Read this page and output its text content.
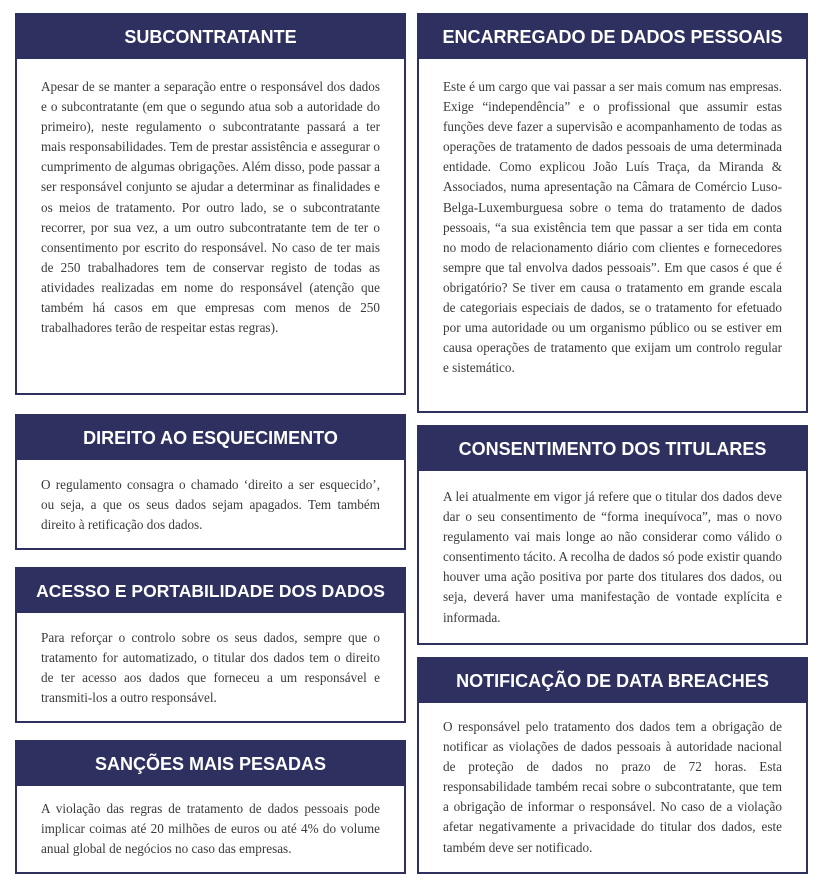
SUBCONTRATANTE
Apesar de se manter a separação entre o responsável dos dados e o subcontratante (em que o segundo atua sob a autoridade do primeiro), neste regulamento o subcontratante passará a ter mais responsabilidades. Tem de prestar assistência e assegurar o cumprimento de algumas obrigações. Além disso, pode passar a ser responsável conjunto se ajudar a determinar as finalidades e os meios de tratamento. Por outro lado, se o subcontratante recorrer, por sua vez, a um outro subcontratante tem de ter o consentimento por escrito do responsável. No caso de ter mais de 250 trabalhadores tem de conservar registo de todas as atividades realizadas em nome do responsável (atenção que também há casos em que empresas com menos de 250 trabalhadores terão de respeitar estas regras).
DIREITO AO ESQUECIMENTO
O regulamento consagra o chamado ‘direito a ser esquecido’, ou seja, a que os seus dados sejam apagados. Tem também direito à retificação dos dados.
ACESSO E PORTABILIDADE DOS DADOS
Para reforçar o controlo sobre os seus dados, sempre que o tratamento for automatizado, o titular dos dados tem o direito de ter acesso aos dados que forneceu a um responsável e transmiti-los a outro responsável.
SANÇÕES MAIS PESADAS
A violação das regras de tratamento de dados pessoais pode implicar coimas até 20 milhões de euros ou até 4% do volume anual global de negócios no caso das empresas.
ENCARREGADO DE DADOS PESSOAIS
Este é um cargo que vai passar a ser mais comum nas empresas. Exige “independência” e o profissional que assumir estas funções deve fazer a supervisão e acompanhamento de todas as operações de tratamento de dados pessoais de uma determinada entidade. Como explicou João Luís Traça, da Miranda & Associados, numa apresentação na Câmara de Comércio Luso-Belga-Luxemburguesa sobre o tema do tratamento de dados pessoais, “a sua existência tem que passar a ser tida em conta no modo de relacionamento diário com clientes e fornecedores sempre que tal envolva dados pessoais”. Em que casos é que é obrigatório? Se tiver em causa o tratamento em grande escala de categoriais especiais de dados, se o tratamento for efetuado por uma autoridade ou um organismo público ou se estiver em causa operações de tratamento que exijam um controlo regular e sistemático.
CONSENTIMENTO DOS TITULARES
A lei atualmente em vigor já refere que o titular dos dados deve dar o seu consentimento de “forma inequívoca”, mas o novo regulamento vai mais longe ao não considerar como válido o consentimento tácito. A recolha de dados só pode existir quando houver uma ação positiva por parte dos titulares dos dados, ou seja, deverá haver uma manifestação de vontade explícita e informada.
NOTIFICAÇÃO DE DATA BREACHES
O responsável pelo tratamento dos dados tem a obrigação de notificar as violações de dados pessoais à autoridade nacional de proteção de dados no prazo de 72 horas. Esta responsabilidade também recai sobre o subcontratante, que tem a obrigação de informar o responsável. No caso de a violação afetar negativamente a privacidade do titular dos dados, este também deve ser notificado.
